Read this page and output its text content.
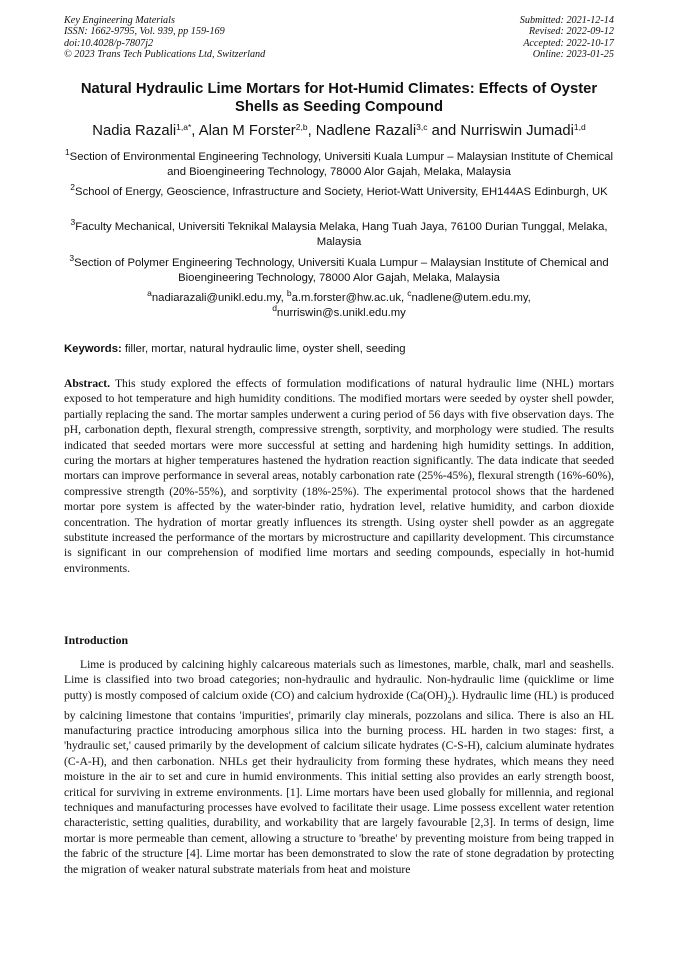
Key Engineering Materials
ISSN: 1662-9795, Vol. 939, pp 159-169
doi:10.4028/p-7807j2
© 2023 Trans Tech Publications Ltd, Switzerland
Submitted: 2021-12-14
Revised: 2022-09-12
Accepted: 2022-10-17
Online: 2023-01-25
Natural Hydraulic Lime Mortars for Hot-Humid Climates: Effects of Oyster Shells as Seeding Compound
Nadia Razali$^{1,a*}$, Alan M Forster$^{2,b}$, Nadlene Razali$^{3,c}$ and Nurriswin Jumadi$^{1,d}$
$^1$Section of Environmental Engineering Technology, Universiti Kuala Lumpur – Malaysian Institute of Chemical and Bioengineering Technology, 78000 Alor Gajah, Melaka, Malaysia
$^2$School of Energy, Geoscience, Infrastructure and Society, Heriot-Watt University, EH144AS Edinburgh, UK
$^3$Faculty Mechanical, Universiti Teknikal Malaysia Melaka, Hang Tuah Jaya, 76100 Durian Tunggal, Melaka, Malaysia
$^3$Section of Polymer Engineering Technology, Universiti Kuala Lumpur – Malaysian Institute of Chemical and Bioengineering Technology, 78000 Alor Gajah, Melaka, Malaysia
$^a$nadiarazali@unikl.edu.my, $^b$a.m.forster@hw.ac.uk, $^c$nadlene@utem.edu.my,
$^d$nurriswin@s.unikl.edu.my
Keywords: filler, mortar, natural hydraulic lime, oyster shell, seeding
Abstract. This study explored the effects of formulation modifications of natural hydraulic lime (NHL) mortars exposed to hot temperature and high humidity conditions. The modified mortars were seeded by oyster shell powder, partially replacing the sand. The mortar samples underwent a curing period of 56 days with five observation days. The pH, carbonation depth, flexural strength, compressive strength, sorptivity, and morphology were studied. The results indicated that seeded mortars were more successful at setting and hardening high humidity settings. In addition, curing the mortars at higher temperatures hastened the hydration reaction significantly. The data indicate that seeded mortars can improve performance in several areas, notably carbonation rate (25%-45%), flexural strength (16%-60%), compressive strength (20%-55%), and sorptivity (18%-25%). The experimental protocol shows that the hardened mortar pore system is affected by the water-binder ratio, hydration level, relative humidity, and carbon dioxide concentration. The hydration of mortar greatly influences its strength. Using oyster shell powder as an aggregate substitute increased the performance of the mortars by microstructure and capillarity development. This circumstance is significant in our comprehension of modified lime mortars and seeding compounds, especially in hot-humid environments.
Introduction
Lime is produced by calcining highly calcareous materials such as limestones, marble, chalk, marl and seashells. Lime is classified into two broad categories; non-hydraulic and hydraulic. Non-hydraulic lime (quicklime or lime putty) is mostly composed of calcium oxide (CO) and calcium hydroxide $(Ca(OH)_2)$. Hydraulic lime (HL) is produced by calcining limestone that contains 'impurities', primarily clay minerals, pozzolans and silica. There is also an HL manufacturing practice introducing amorphous silica into the burning process. HL harden in two stages: first, a 'hydraulic set,' caused primarily by the development of calcium silicate hydrates (C-S-H), calcium aluminate hydrates (C-A-H), and then carbonation. NHLs get their hydraulicity from forming these hydrates, which means they need moisture in the air to set and cure in humid environments. This initial setting also provides an early strength boost, critical for surviving in extreme environments. [1]. Lime mortars have been used globally for millennia, and regional techniques and manufacturing processes have evolved to facilitate their usage. Lime possess excellent water retention characteristic, setting qualities, durability, and workability that are largely favourable [2,3]. In terms of design, lime mortar is more permeable than cement, allowing a structure to 'breathe' by preventing moisture from being trapped in the fabric of the structure [4]. Lime mortar has been demonstrated to slow the rate of stone degradation by protecting the migration of weaker natural substrate materials from heat and moisture
